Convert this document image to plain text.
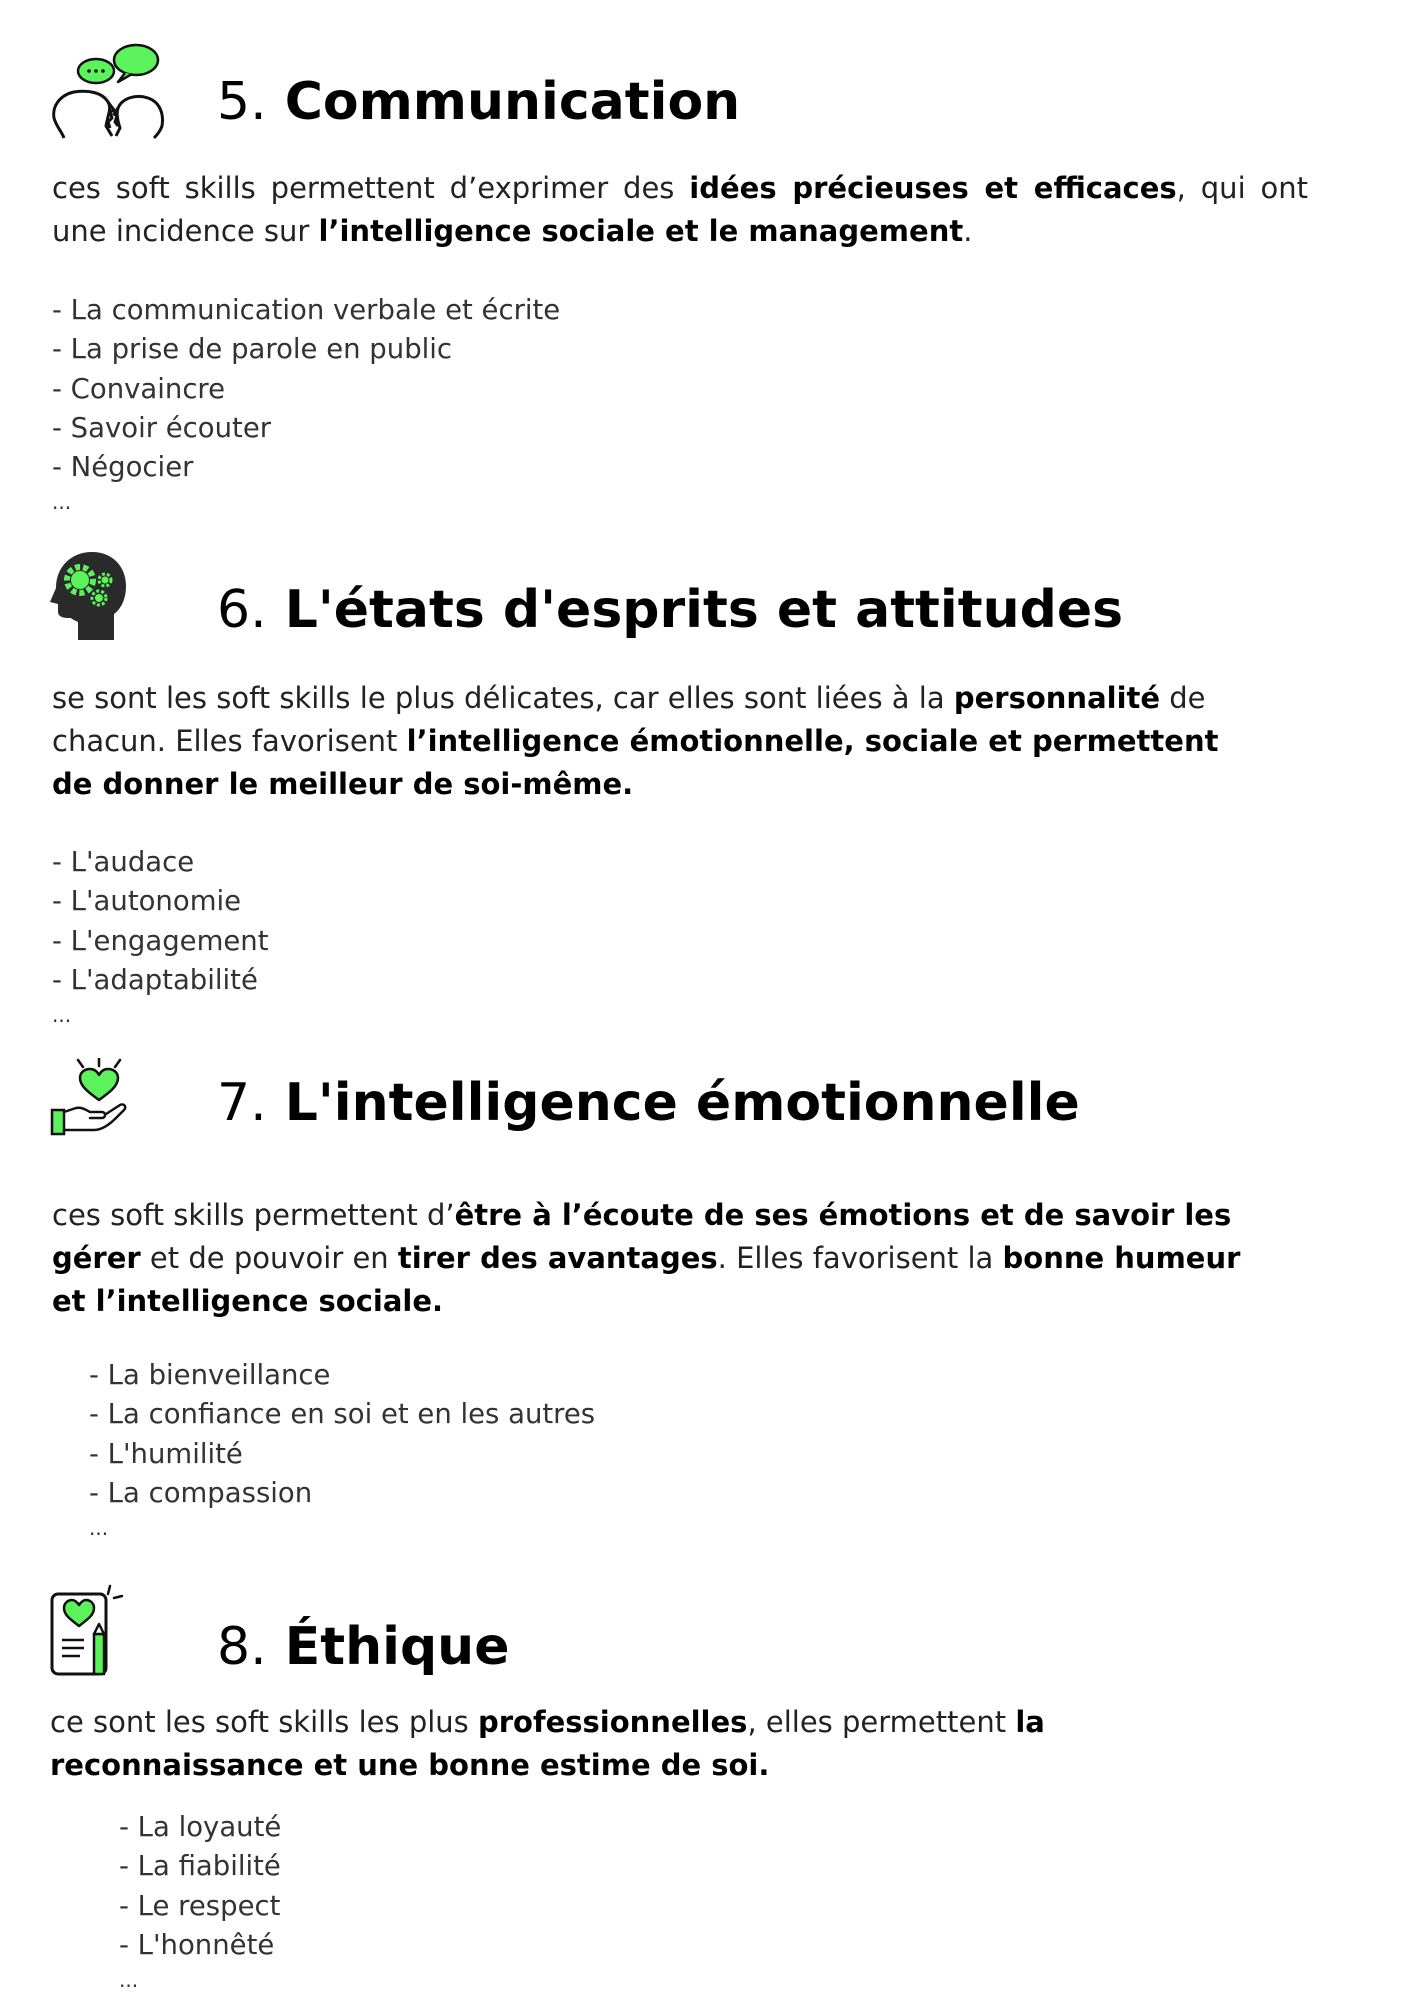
5. Communication

ces soft skills permettent d’exprimer des idées précieuses et efficaces, qui ont une incidence sur l’intelligence sociale et le management.

- La communication verbale et écrite
- La prise de parole en public
- Convaincre
- Savoir écouter
- Négocier
...
6. L'états d'esprits et attitudes

se sont les soft skills le plus délicates, car elles sont liées à la personnalité de chacun. Elles favorisent l’intelligence émotionnelle, sociale et permettent de donner le meilleur de soi-même.

- L'audace
- L'autonomie
- L'engagement
- L'adaptabilité
...
7. L'intelligence émotionnelle

ces soft skills permettent d’être à l’écoute de ses émotions et de savoir les gérer et de pouvoir en tirer des avantages. Elles favorisent la bonne humeur et l’intelligence sociale.

- La bienveillance
- La confiance en soi et en les autres
- L'humilité
- La compassion
...
8. Éthique

ce sont les soft skills les plus professionnelles, elles permettent la reconnaissance et une bonne estime de soi.

- La loyauté
- La fiabilité
- Le respect
- L'honnêté
...
